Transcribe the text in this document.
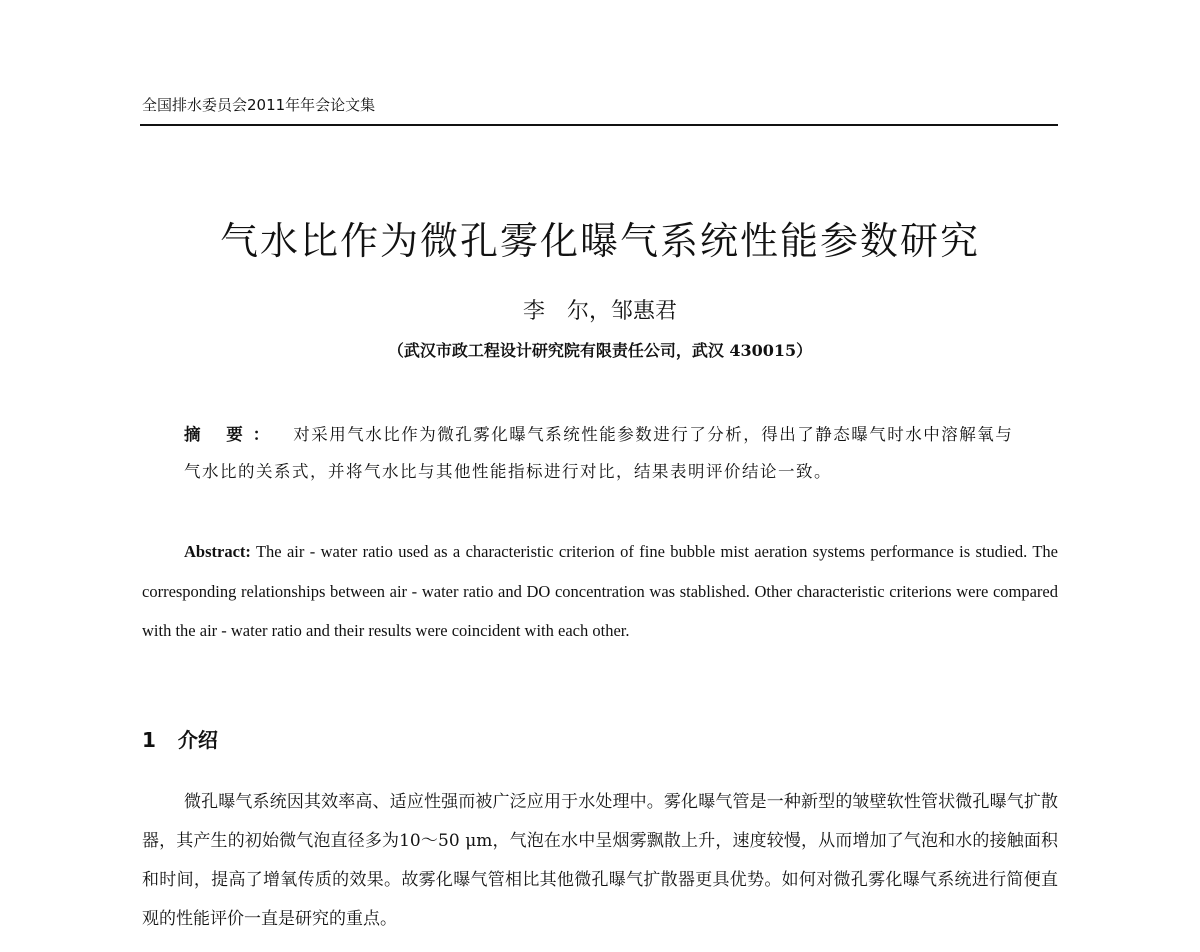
全国排水委员会2011年年会论文集
气水比作为微孔雾化曝气系统性能参数研究
李　尔，邹惠君
（武汉市政工程设计研究院有限责任公司，武汉 430015）
摘 要： 对采用气水比作为微孔雾化曝气系统性能参数进行了分析，得出了静态曝气时水中溶解氧与气水比的关系式，并将气水比与其他性能指标进行对比，结果表明评价结论一致。
Abstract: The air - water ratio used as a characteristic criterion of fine bubble mist aeration systems performance is studied. The corresponding relationships between air - water ratio and DO concentration was stablished. Other characteristic criterions were compared with the air - water ratio and their results were coincident with each other.
1 介绍
微孔曝气系统因其效率高、适应性强而被广泛应用于水处理中。雾化曝气管是一种新型的皱壁软性管状微孔曝气扩散器，其产生的初始微气泡直径多为10～50 μm，气泡在水中呈烟雾飘散上升，速度较慢，从而增加了气泡和水的接触面积和时间，提高了增氧传质的效果。故雾化曝气管相比其他微孔曝气扩散器更具优势。如何对微孔雾化曝气系统进行简便直观的性能评价一直是研究的重点。
